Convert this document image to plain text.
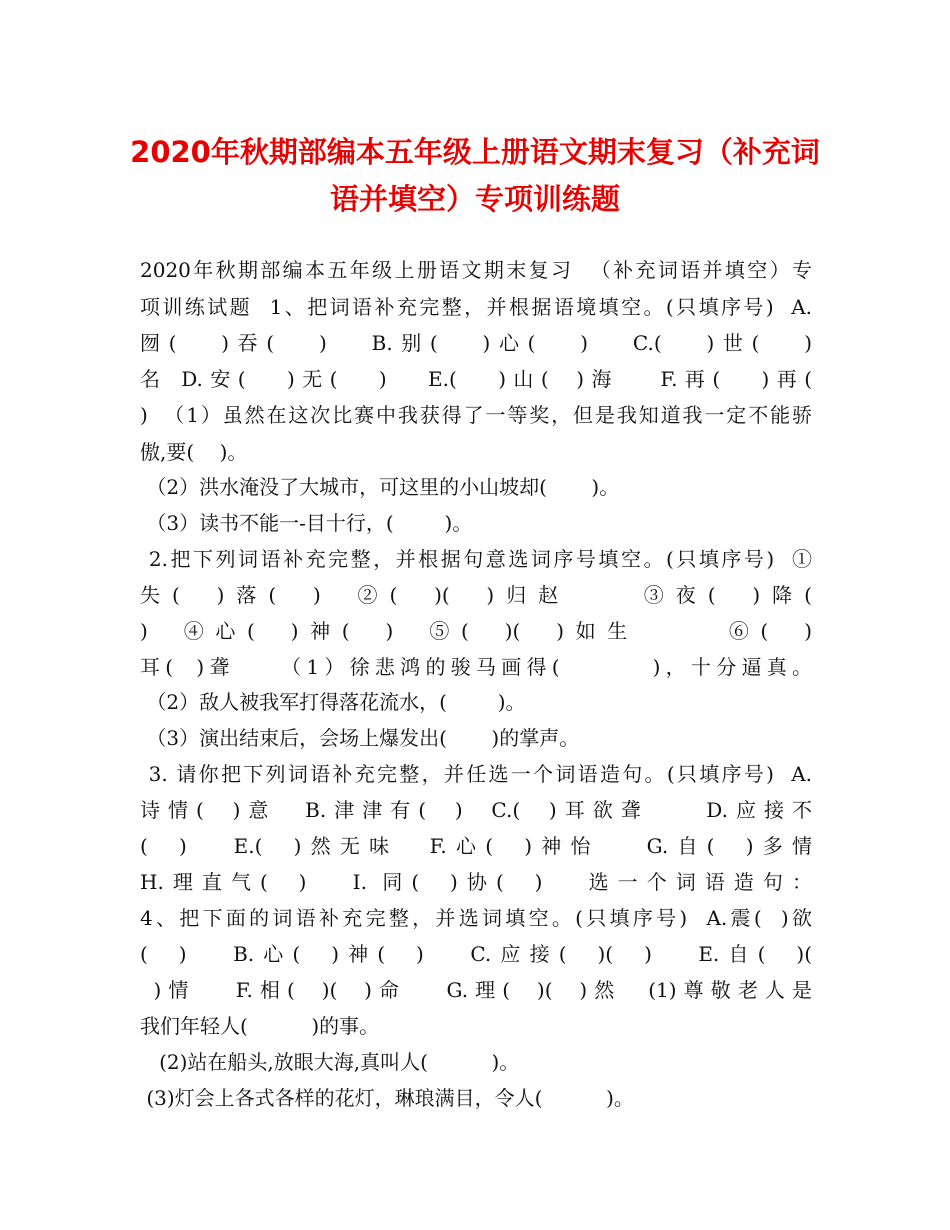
2020年秋期部编本五年级上册语文期末复习（补充词
语并填空）专项训练题
2020年秋期部编本五年级上册语文期末复习  （补充词语并填空）专
项训练试题  1、把词语补充完整，并根据语境填空。(只填序号)  A.
囫(   )吞(   )   B.别(   )心(   )   C.(   )世(   )
名 D.安(   )无(   )   E.(   )山(  )海   F.再(   )再(
)  （1）虽然在这次比赛中我获得了一等奖，但是我知道我一定不能骄
傲,要(    )。
（2）洪水淹没了大城市，可这里的小山坡却(       )。
（3）读书不能一-目十行，(        )。
2.把下列词语补充完整，并根据句意选词序号填空。(只填序号)  ①
失(  )落(  )  ②(  )(  )归赵    ③夜(  )降(
)  ④心(  )神(  )  ⑤(  )(  )如生     ⑥(  )
耳(  )聋    （1）徐悲鸿的骏马画得(        )，十分逼真。
（2）敌人被我军打得落花流水，(        )。
（3）演出结束后，会场上爆发出(       )的掌声。
3. 请你把下列词语补充完整，并任选一个词语造句。(只填序号)  A.
诗情(  )意  B.津津有(  )  C.(  )耳欲聋    D.应接不
(  )   E.(  )然无味  F.心(  )神怡   G.自(  )多情
H.理直气(  )   I. 同(  )协(  )   选一个词语造句：
4、把下面的词语补充完整，并选词填空。(只填序号)  A.震(  )欲
(  )   B.心(  )神(  )   C.应接(  )(  )   E.自(  )(
)情   F.相(  )(  )命   G.理(  )(  )然  (1)尊敬老人是
我们年轻人(          )的事。
(2)站在船头,放眼大海,真叫人(          )。
(3)灯会上各式各样的花灯，琳琅满目，令人(          )。
